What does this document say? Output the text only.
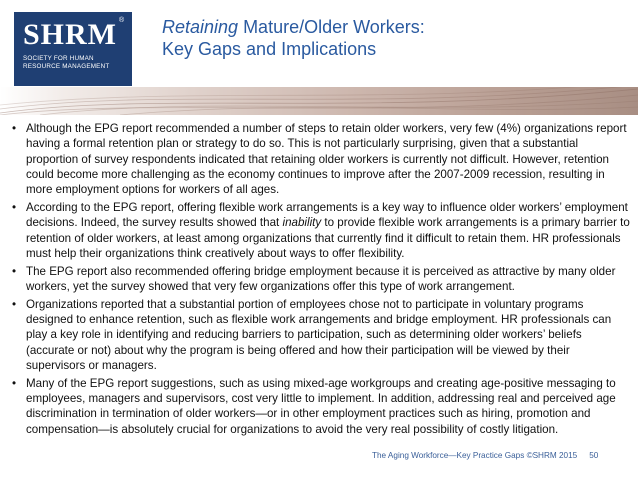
SHRM ®
SOCIETY FOR HUMAN
RESOURCE MANAGEMENT
Retaining Mature/Older Workers:
Key Gaps and Implications
• Although the EPG report recommended a number of steps to retain older workers, very few (4%) organizations report having a formal retention plan or strategy to do so. This is not particularly surprising, given that a substantial proportion of survey respondents indicated that retaining older workers is currently not difficult. However, retention could become more challenging as the economy continues to improve after the 2007-2009 recession, resulting in more employment options for workers of all ages.
• According to the EPG report, offering flexible work arrangements is a key way to influence older workers’ employment decisions. Indeed, the survey results showed that inability to provide flexible work arrangements is a primary barrier to retention of older workers, at least among organizations that currently find it difficult to retain them. HR professionals must help their organizations think creatively about ways to offer flexibility.
• The EPG report also recommended offering bridge employment because it is perceived as attractive by many older workers, yet the survey showed that very few organizations offer this type of work arrangement.
• Organizations reported that a substantial portion of employees chose not to participate in voluntary programs designed to enhance retention, such as flexible work arrangements and bridge employment. HR professionals can play a key role in identifying and reducing barriers to participation, such as determining older workers’ beliefs (accurate or not) about why the program is being offered and how their participation will be viewed by their supervisors or managers.
• Many of the EPG report suggestions, such as using mixed-age workgroups and creating age-positive messaging to employees, managers and supervisors, cost very little to implement. In addition, addressing real and perceived age discrimination in termination of older workers—or in other employment practices such as hiring, promotion and compensation—is absolutely crucial for organizations to avoid the very real possibility of costly litigation.
The Aging Workforce—Key Practice Gaps ©SHRM 2015 50
